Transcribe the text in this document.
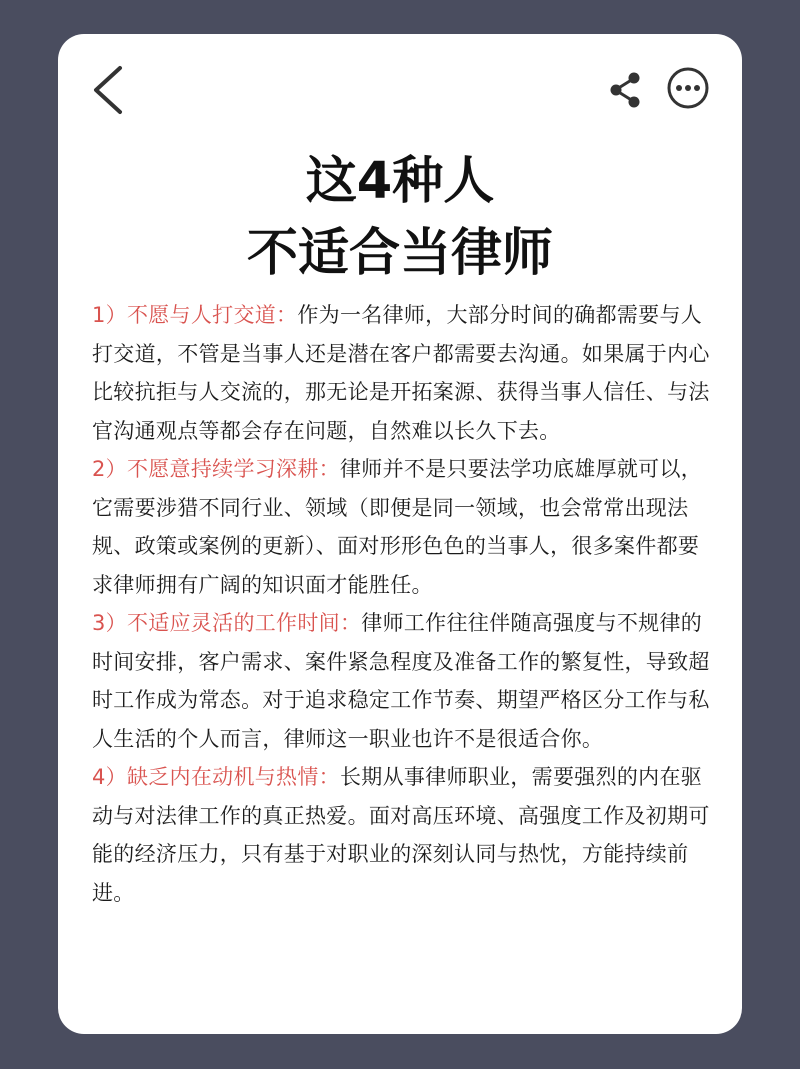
这4种人
不适合当律师

1）不愿与人打交道：作为一名律师，大部分时间的确都需要与人打交道，不管是当事人还是潜在客户都需要去沟通。如果属于内心比较抗拒与人交流的，那无论是开拓案源、获得当事人信任、与法官沟通观点等都会存在问题，自然难以长久下去。

2）不愿意持续学习深耕：律师并不是只要法学功底雄厚就可以，它需要涉猎不同行业、领域（即便是同一领域，也会常常出现法规、政策或案例的更新）、面对形形色色的当事人，很多案件都要求律师拥有广阔的知识面才能胜任。

3）不适应灵活的工作时间：律师工作往往伴随高强度与不规律的时间安排，客户需求、案件紧急程度及准备工作的繁复性，导致超时工作成为常态。对于追求稳定工作节奏、期望严格区分工作与私人生活的个人而言，律师这一职业也许不是很适合你。

4）缺乏内在动机与热情：长期从事律师职业，需要强烈的内在驱动与对法律工作的真正热爱。面对高压环境、高强度工作及初期可能的经济压力，只有基于对职业的深刻认同与热忱，方能持续前进。
